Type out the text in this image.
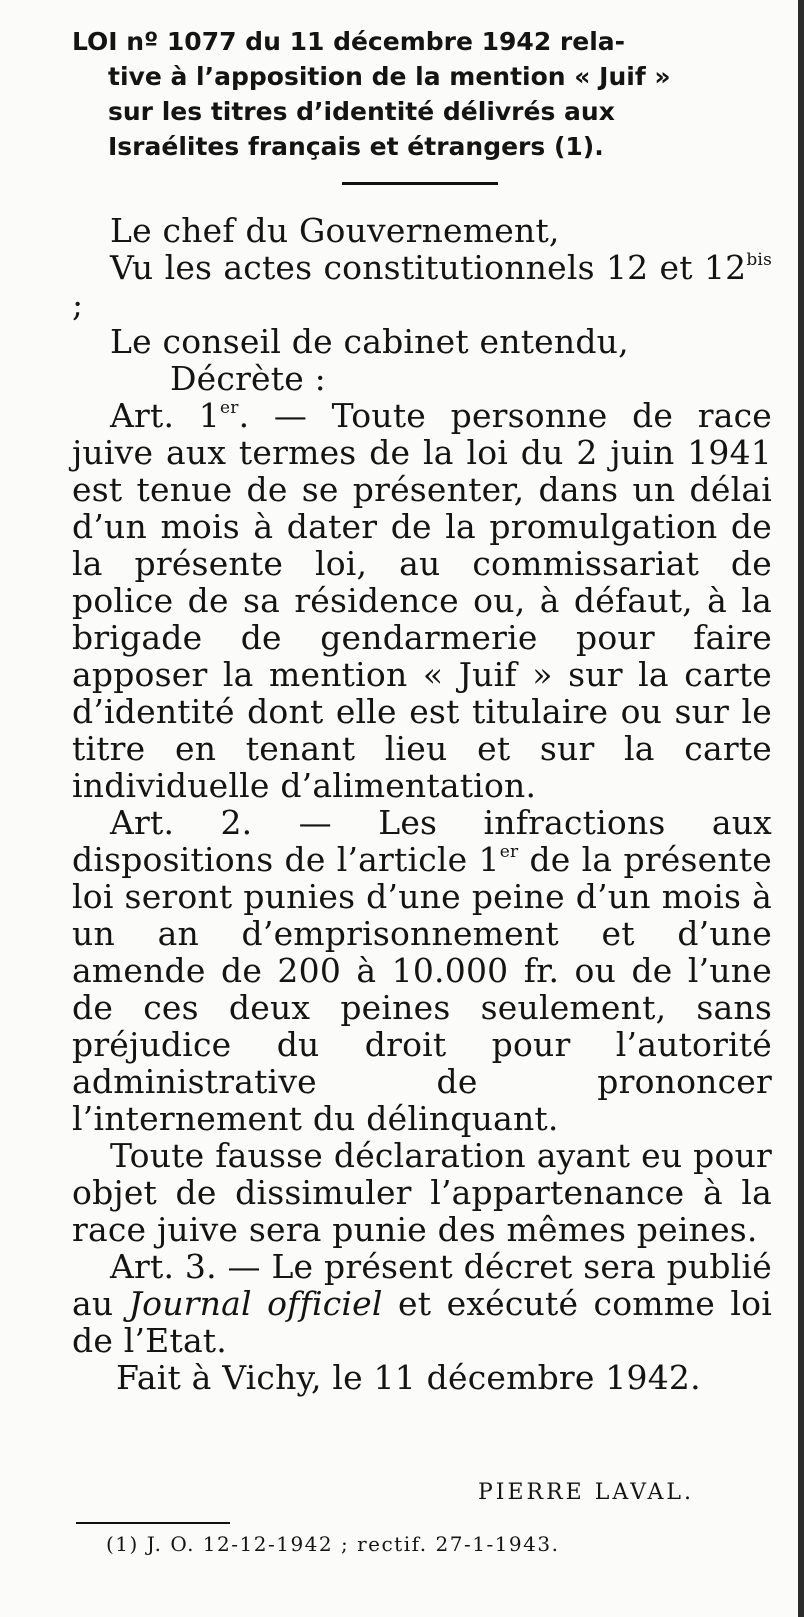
LOI nº 1077 du 11 décembre 1942 rela-
tive à l’apposition de la mention « Juif »
sur les titres d’identité délivrés aux
Israélites français et étrangers (1).

Le chef du Gouvernement,

Vu les actes constitutionnels 12 et $12^{bis}$ ;

Le conseil de cabinet entendu,

Décrète :

Art. 1er. — Toute personne de race juive aux termes de la loi du 2 juin 1941 est tenue de se présenter, dans un délai d’un mois à dater de la promulgation de la présente loi, au commissariat de police de sa résidence ou, à défaut, à la brigade de gendarmerie pour faire apposer la mention « Juif » sur la carte d’identité dont elle est titulaire ou sur le titre en tenant lieu et sur la carte individuelle d’alimentation.

Art. 2. — Les infractions aux dispositions de l’article 1er de la présente loi seront punies d’une peine d’un mois à un an d’emprisonnement et d’une amende de 200 à 10.000 fr. ou de l’une de ces deux peines seulement, sans préjudice du droit pour l’autorité administrative de prononcer l’internement du délinquant.

Toute fausse déclaration ayant eu pour objet de dissimuler l’appartenance à la race juive sera punie des mêmes peines.

Art. 3. — Le présent décret sera publié au Journal officiel et exécuté comme loi de l’Etat.

Fait à Vichy, le 11 décembre 1942.

PIERRE LAVAL.

(1) J. O. 12-12-1942 ; rectif. 27-1-1943.
